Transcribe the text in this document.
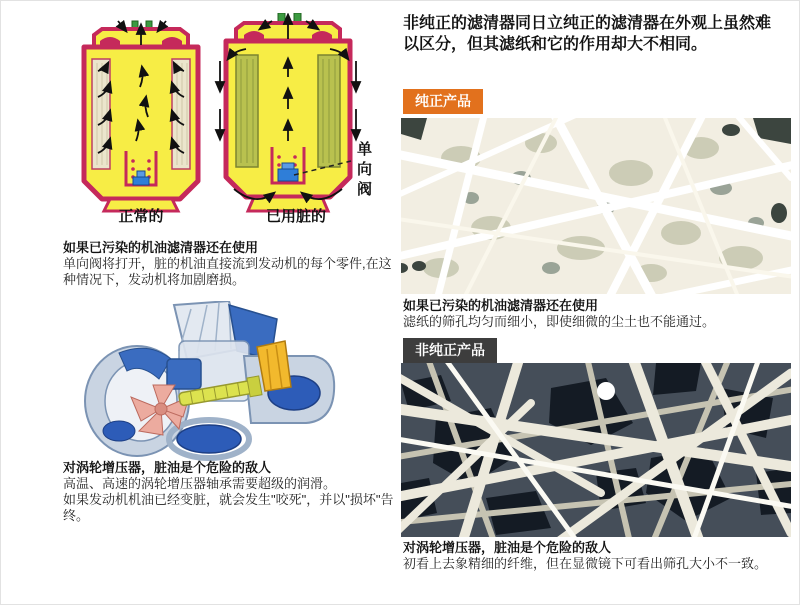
单向阀
正常的	已用脏的
如果已污染的机油滤清器还在使用
单向阀将打开，脏的机油直接流到发动机的每个零件,在这种情况下，发动机将加剧磨损。
对涡轮增压器，脏油是个危险的敌人
高温、高速的涡轮增压器轴承需要超级的润滑。
如果发动机机油已经变脏，就会发生"咬死"，并以"损坏"告终。
非纯正的滤清器同日立纯正的滤清器在外观上虽然难以区分，但其滤纸和它的作用却大不相同。
纯正产品
如果已污染的机油滤清器还在使用
滤纸的筛孔均匀而细小，即使细微的尘土也不能通过。
非纯正产品
对涡轮增压器，脏油是个危险的敌人
初看上去象精细的纤维，但在显微镜下可看出筛孔大小不一致。
